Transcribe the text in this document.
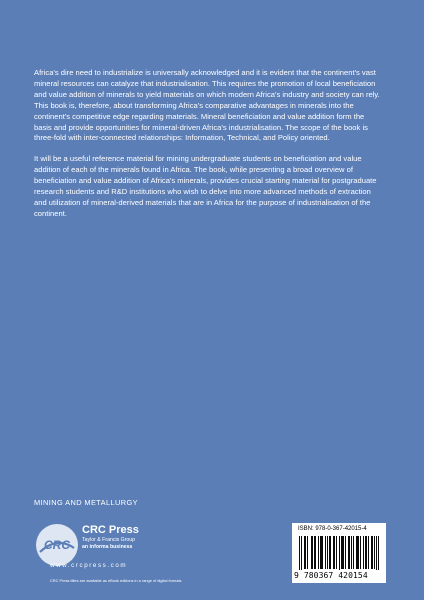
Africa's dire need to industrialize is universally acknowledged and it is evident that the continent's vast mineral resources can catalyze that industrialisation. This requires the promotion of local beneficiation and value addition of minerals to yield materials on which modern Africa's industry and society can rely. This book is, therefore, about transforming Africa's comparative advantages in minerals into the continent's competitive edge regarding materials. Mineral beneficiation and value addition form the basis and provide opportunities for mineral-driven Africa's industrialisation. The scope of the book is three-fold with inter-connected relationships: Information, Technical, and Policy oriented.

It will be a useful reference material for mining undergraduate students on beneficiation and value addition of each of the minerals found in Africa. The book, while presenting a broad overview of beneficiation and value addition of Africa's minerals, provides crucial starting material for postgraduate research students and R&D institutions who wish to delve into more advanced methods of extraction and utilization of mineral-derived materials that are in Africa for the purpose of industrialisation of the continent.

MINING AND METALLURGY
CRC
CRC Press
Taylor & Francis Group
an informa business
www.crcpress.com
CRC Press titles are available as eBook editions in a range of digital formats
ISBN: 978-0-367-42015-4
9 780367 420154
